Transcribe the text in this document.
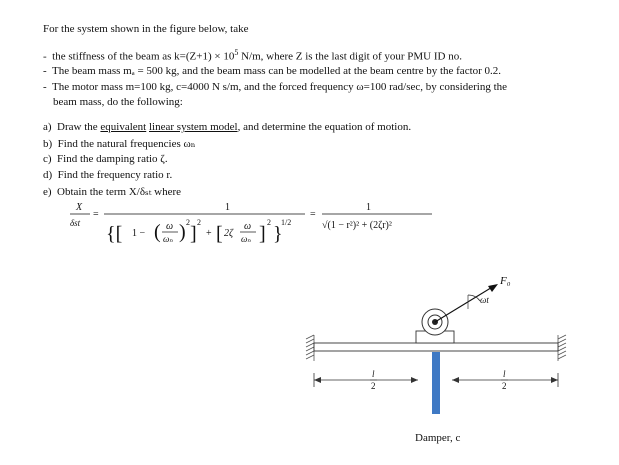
For the system shown in the figure below, take
- the stiffness of the beam as $k=(Z+1) \times 10^5$ N/m, where Z is the last digit of your PMU ID no.
- The beam mass mₐ = 500 kg, and the beam mass can be modelled at the beam centre by the factor 0.2.
- The motor mass m=100 kg, c=4000 N s/m, and the forced frequency ω=100 rad/sec, by considering the
beam mass, do the following:
a) Draw the equivalent linear system model, and determine the equation of motion.
b) Find the natural frequencies ωₙ
c) Find the damping ratio ζ.
d) Find the frequency ratio r.
e) Obtain the term X/δₛₜ where
X
δst
=
1
{[ 1 − ( ω
ωₙ ) 2
]
2
+ [ 2ζ
ω
ωₙ ]
2
}
1/2
=
1
√(1 − r²)² + (2ζr)²
F₀
ωt
l
2
l
2
Damper, c
